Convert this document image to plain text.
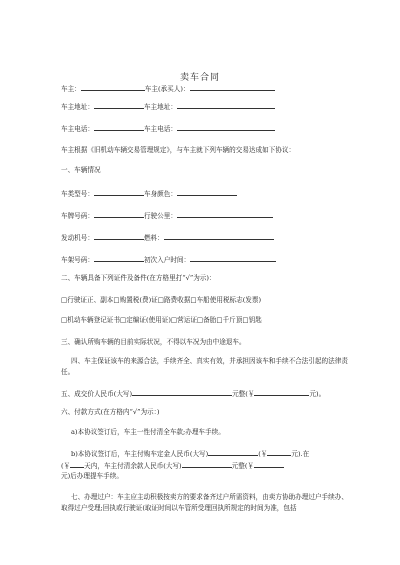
卖车合同
车主：	车主(承买人)：
车主地址：	车主地址：
车主电话：	车主电话：
车主根据《旧机动车辆交易管理规定》，与车主就下列车辆的交易达成如下协议：
一、车辆情况
车类型号：	车身颜色：
车牌号码：	行驶公里：
发动机号：	燃料：
车架号码：	初次入户时间：
二、车辆具备下列证件及备件(在方格里打“√”为示)：
□行驶证正、副本□购置税(费)证□路费收据□车船使用税标志(发票)
□机动车辆登记证书□定编证(使用证)□营运证□备胎□千斤顶□钥匙
三、确认所购车辆的目前实际状况，不得以车况为由中途退车。
四、车主保证该车的来源合法，手续齐全、真实有效，并承担因该车和手续不合法引起的法律责任。
五、成交价人民币(大写)	元整(￥	元)。
六、付款方式(在方格内“√”为示：)
a)本协议签订后，车主一性付清全车款;办理车手续。
b)本协议签订后，车主付购车定金人民币(大写)	(￥	元).在
(￥ 天内，车主付清余款人民币(大写)	元整(￥
元)后办理提车手续。
七、办理过户：车主应主动积极按卖方的要求备齐过户所需资料，由卖方协助办理过户手续办、取得过户受理;回执或行驶证(取证时间以车管所受理回执所规定的时间为准，包括
